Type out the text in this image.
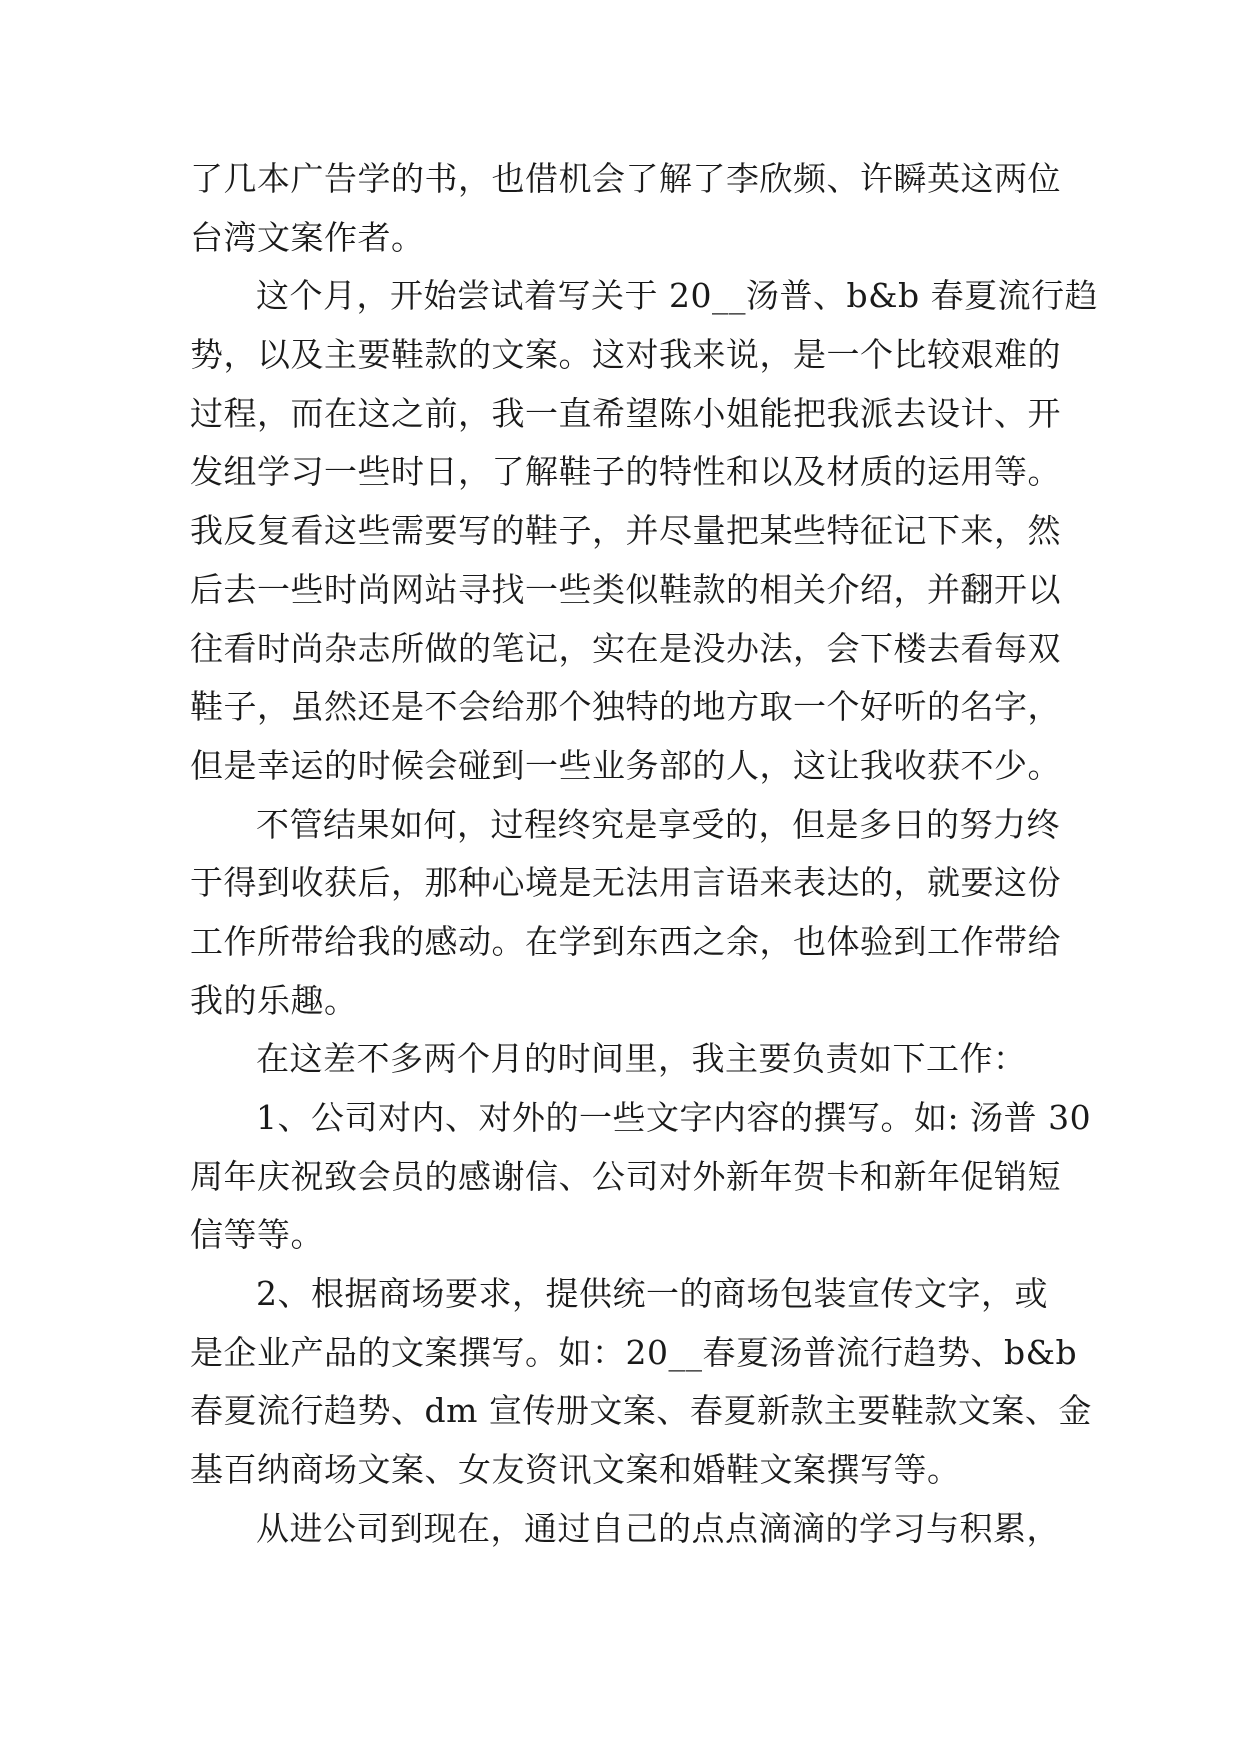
了几本广告学的书，也借机会了解了李欣频、许瞬英这两位
台湾文案作者。
这个月，开始尝试着写关于 20__汤普、b&b 春夏流行趋
势，以及主要鞋款的文案。这对我来说，是一个比较艰难的
过程，而在这之前，我一直希望陈小姐能把我派去设计、开
发组学习一些时日，了解鞋子的特性和以及材质的运用等。
我反复看这些需要写的鞋子，并尽量把某些特征记下来，然
后去一些时尚网站寻找一些类似鞋款的相关介绍，并翻开以
往看时尚杂志所做的笔记，实在是没办法，会下楼去看每双
鞋子，虽然还是不会给那个独特的地方取一个好听的名字，
但是幸运的时候会碰到一些业务部的人，这让我收获不少。
不管结果如何，过程终究是享受的，但是多日的努力终
于得到收获后，那种心境是无法用言语来表达的，就要这份
工作所带给我的感动。在学到东西之余，也体验到工作带给
我的乐趣。
在这差不多两个月的时间里，我主要负责如下工作：
1、公司对内、对外的一些文字内容的撰写。如: 汤普 30
周年庆祝致会员的感谢信、公司对外新年贺卡和新年促销短
信等等。
2、根据商场要求，提供统一的商场包装宣传文字，或
是企业产品的文案撰写。如：20__春夏汤普流行趋势、b&b
春夏流行趋势、dm 宣传册文案、春夏新款主要鞋款文案、金
基百纳商场文案、女友资讯文案和婚鞋文案撰写等。
从进公司到现在，通过自己的点点滴滴的学习与积累，
